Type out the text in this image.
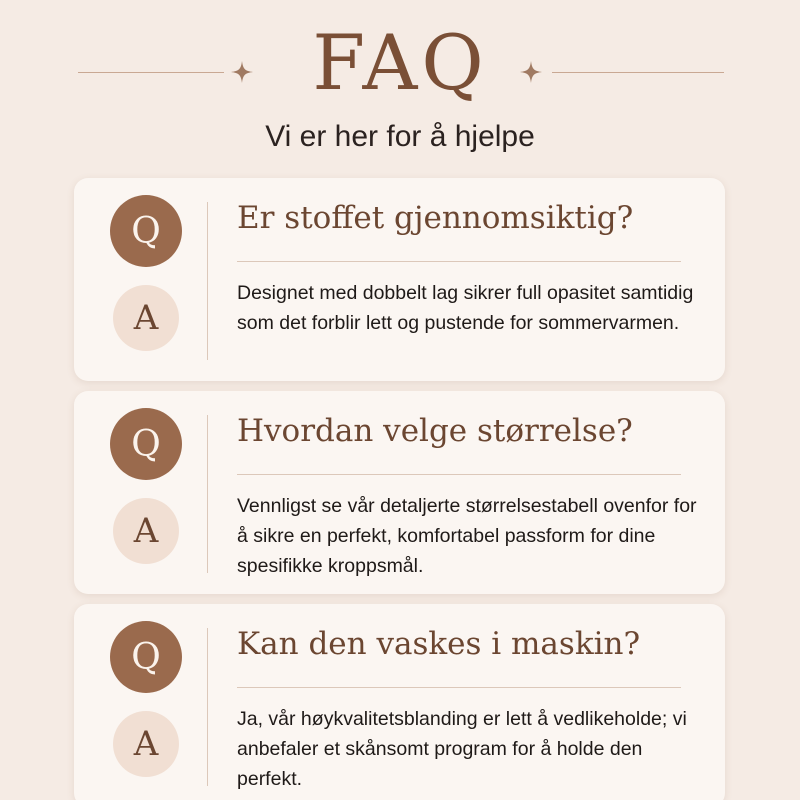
FAQ
Vi er her for å hjelpe
Q
A
Er stoffet gjennomsiktig?
Designet med dobbelt lag sikrer full opasitet samtidig som det forblir lett og pustende for sommervarmen.
Q
A
Hvordan velge størrelse?
Vennligst se vår detaljerte størrelsestabell ovenfor for å sikre en perfekt, komfortabel passform for dine spesifikke kroppsmål.
Q
A
Kan den vaskes i maskin?
Ja, vår høykvalitetsblanding er lett å vedlikeholde; vi anbefaler et skånsomt program for å holde den perfekt.
